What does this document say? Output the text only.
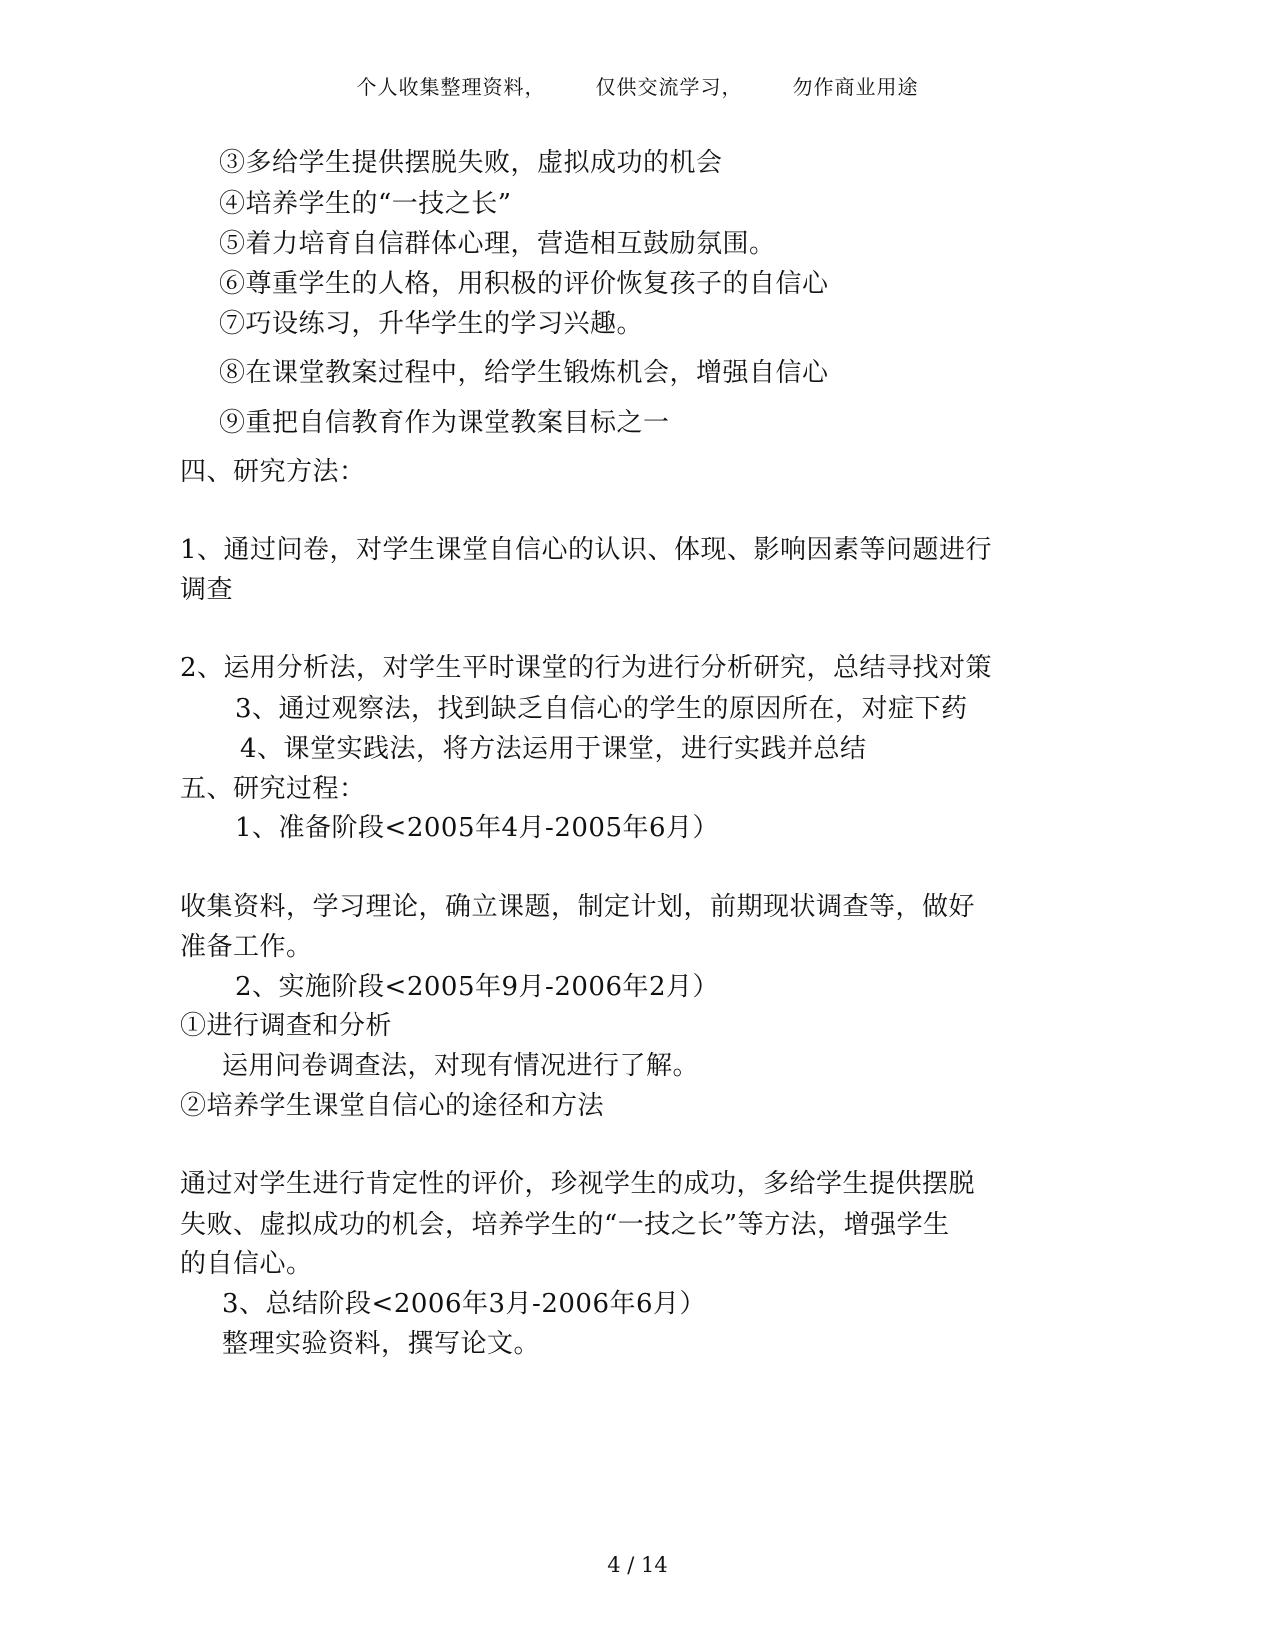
个人收集整理资料，	仅供交流学习，	勿作商业用途
③多给学生提供摆脱失败，虚拟成功的机会
④培养学生的“一技之长”
⑤着力培育自信群体心理，营造相互鼓励氛围。
⑥尊重学生的人格，用积极的评价恢复孩子的自信心
⑦巧设练习，升华学生的学习兴趣。
⑧在课堂教案过程中，给学生锻炼机会，增强自信心
⑨重把自信教育作为课堂教案目标之一
四、研究方法：
1、通过问卷，对学生课堂自信心的认识、体现、影响因素等问题进行
调查
2、运用分析法，对学生平时课堂的行为进行分析研究，总结寻找对策
3、通过观察法，找到缺乏自信心的学生的原因所在，对症下药
4、课堂实践法，将方法运用于课堂，进行实践并总结
五、研究过程：
1、准备阶段<2005年4月-2005年6月）
收集资料，学习理论，确立课题，制定计划，前期现状调查等，做好
准备工作。
2、实施阶段<2005年9月-2006年2月）
①进行调查和分析
运用问卷调查法，对现有情况进行了解。
②培养学生课堂自信心的途径和方法
通过对学生进行肯定性的评价，珍视学生的成功，多给学生提供摆脱
失败、虚拟成功的机会，培养学生的“一技之长”等方法，增强学生
的自信心。
3、总结阶段<2006年3月-2006年6月）
整理实验资料，撰写论文。
4 / 14
